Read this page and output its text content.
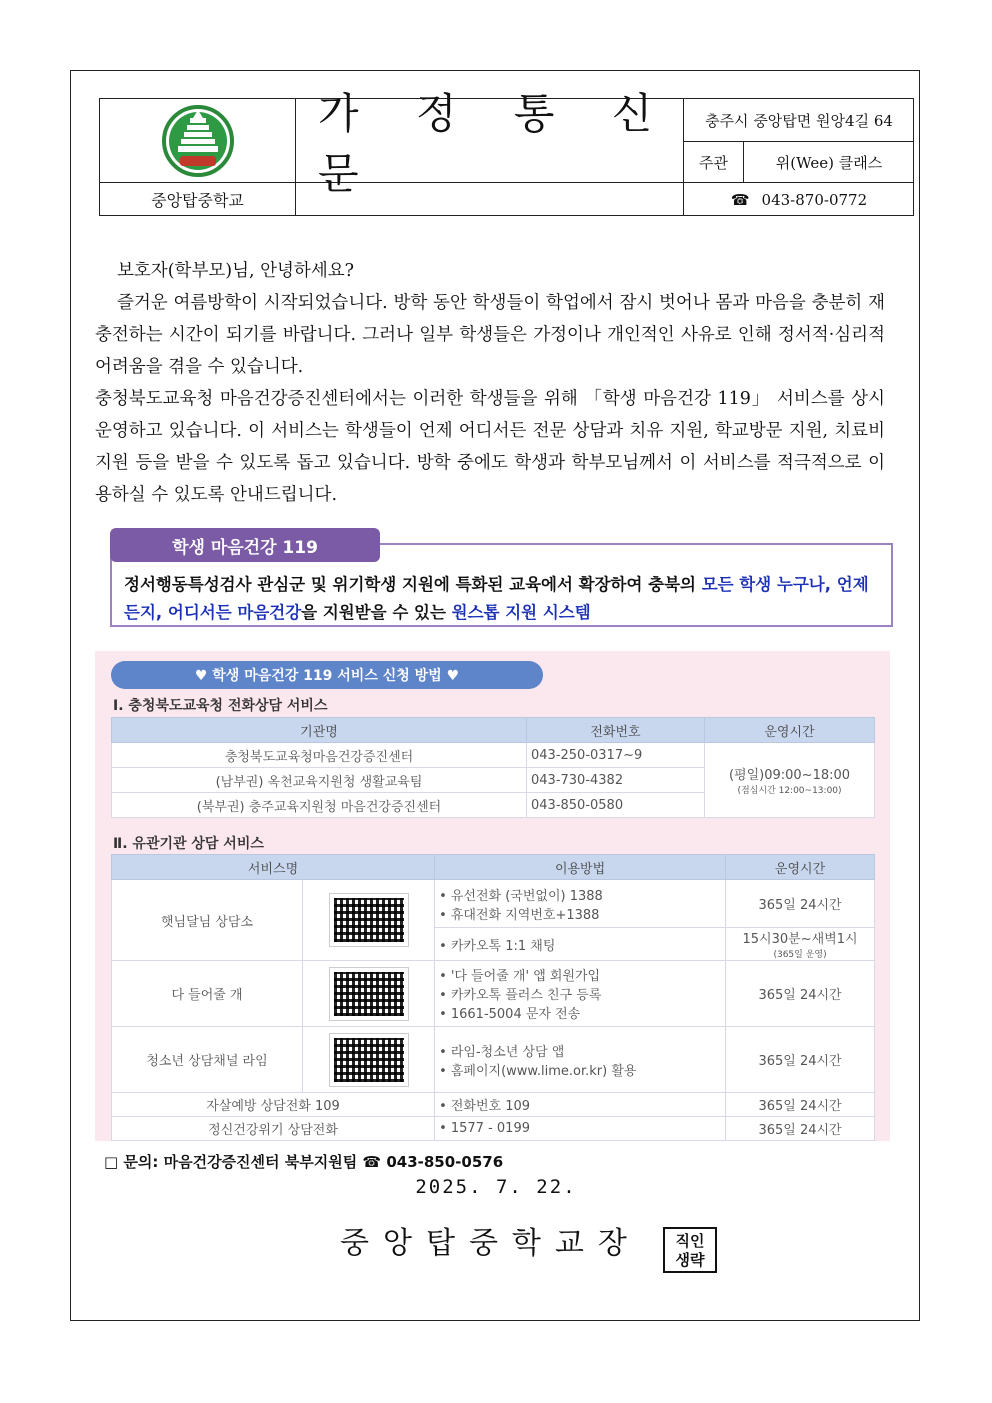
중앙탑중학교
가 정 통 신 문
충주시 중앙탑면 원앙4길 64
주관	위(Wee) 클래스
☎ 043-870-0772

보호자(학부모)님, 안녕하세요?

즐거운 여름방학이 시작되었습니다. 방학 동안 학생들이 학업에서 잠시 벗어나 몸과 마음을 충분히 재충전하는 시간이 되기를 바랍니다. 그러나 일부 학생들은 가정이나 개인적인 사유로 인해 정서적·심리적 어려움을 겪을 수 있습니다.

충청북도교육청 마음건강증진센터에서는 이러한 학생들을 위해 「학생 마음건강 119」 서비스를 상시 운영하고 있습니다. 이 서비스는 학생들이 언제 어디서든 전문 상담과 치유 지원, 학교방문 지원, 치료비 지원 등을 받을 수 있도록 돕고 있습니다. 방학 중에도 학생과 학부모님께서 이 서비스를 적극적으로 이용하실 수 있도록 안내드립니다.

정서행동특성검사 관심군 및 위기학생 지원에 특화된 교육에서 확장하여 충북의 모든 학생 누구나, 언제든지, 어디서든 마음건강을 지원받을 수 있는 원스톱 지원 시스템
학생 마음건강 119
♥ 학생 마음건강 119 서비스 신청 방법 ♥
Ⅰ. 충청북도교육청 전화상담 서비스
기관명	전화번호	운영시간
충청북도교육청마음건강증진센터	043-250-0317~9	(평일)09:00~18:00
(점심시간 12:00~13:00)

(남부권) 옥천교육지원청 생활교육팀	043-730-4382	
(북부권) 충주교육지원청 마음건강증진센터	043-850-0580	
Ⅱ. 유관기관 상담 서비스
서비스명		이용방법	운영시간
햇님달님 상담소		• 유선전화 (국번없이) 1388
• 휴대전화 지역번호+1388	365일 24시간
		• 카카오톡 1:1 채팅	15시30분~새벽1시
(365일 운영)

다 들어줄 개		• '다 들어줄 개' 앱 회원가입
• 카카오톡 플러스 친구 등록
• 1661-5004 문자 전송	365일 24시간
청소년 상담채널 라임		• 라임-청소년 상담 앱
• 홈페이지(www.lime.or.kr) 활용	365일 24시간
자살예방 상담전화 109		• 전화번호 109	365일 24시간
정신건강위기 상담전화		• 1577 - 0199	365일 24시간
□ 문의: 마음건강증진센터 북부지원팀 ☎ 043-850-0576
2025. 7. 22.
중앙탑중학교장	직인
생략
